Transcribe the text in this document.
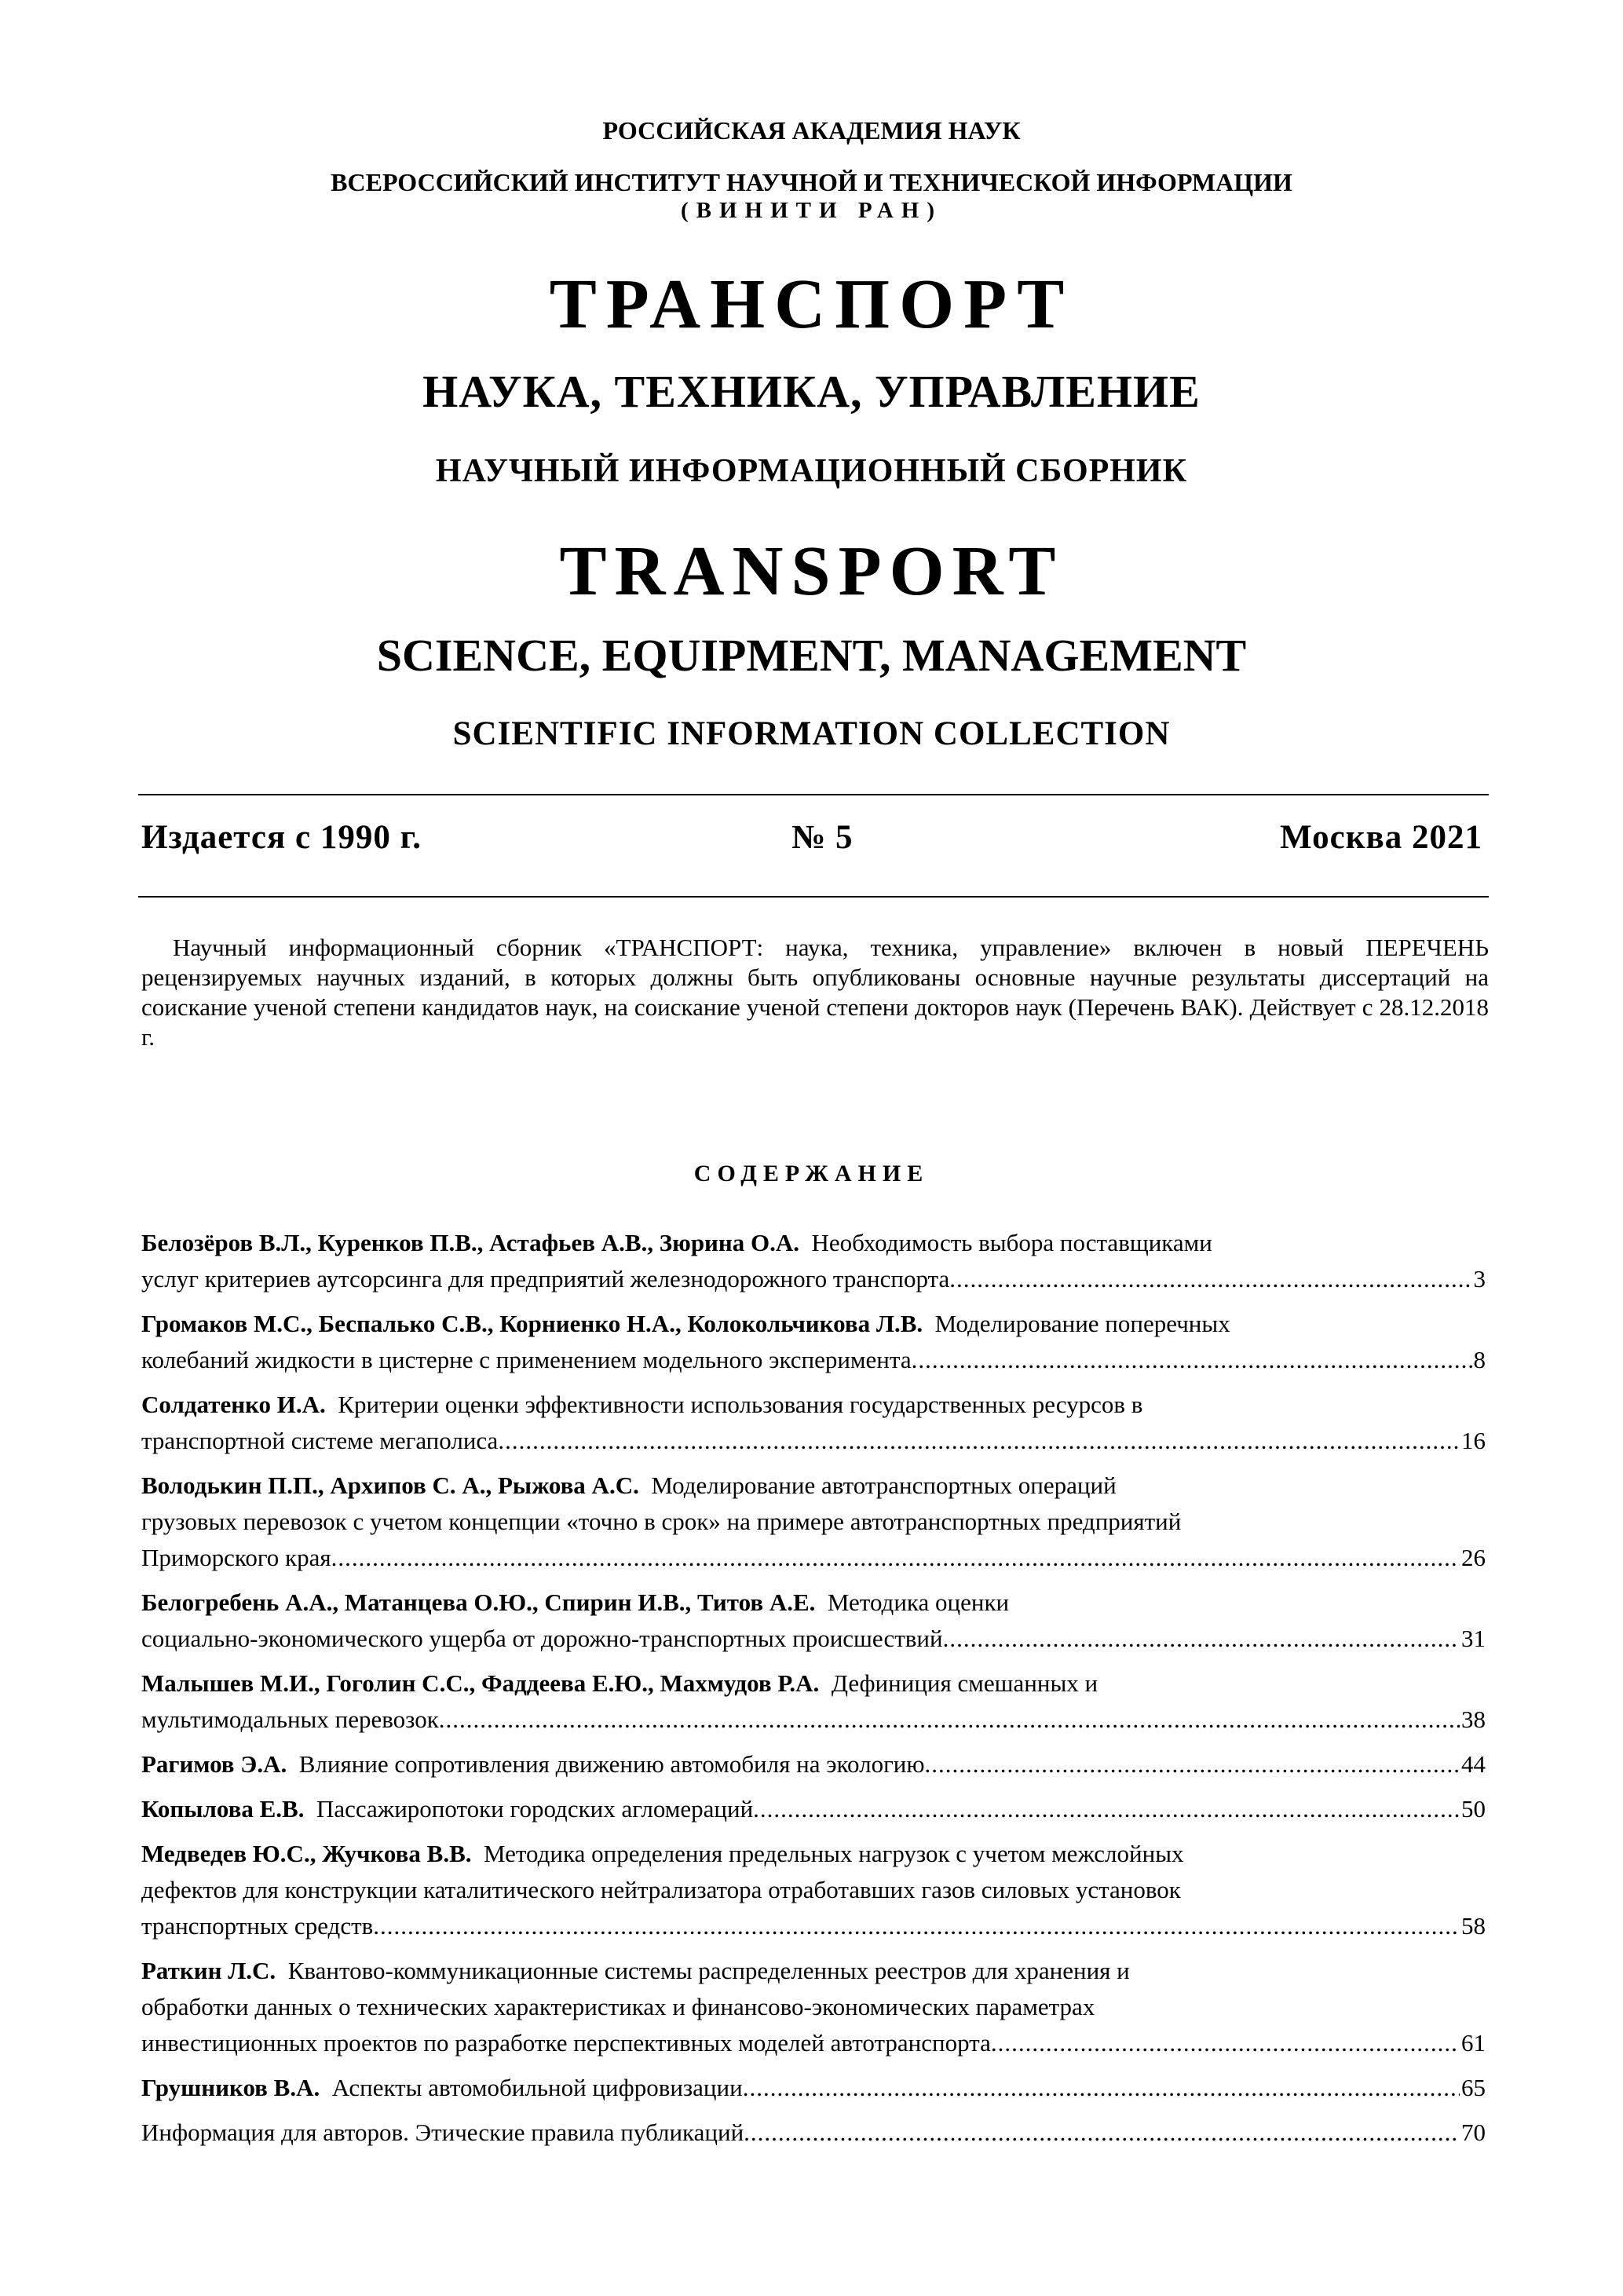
РОССИЙСКАЯ АКАДЕМИЯ НАУК
ВСЕРОССИЙСКИЙ ИНСТИТУТ НАУЧНОЙ И ТЕХНИЧЕСКОЙ ИНФОРМАЦИИ
(ВИНИТИ РАН)
ТРАНСПОРТ
НАУКА, ТЕХНИКА, УПРАВЛЕНИЕ
НАУЧНЫЙ ИНФОРМАЦИОННЫЙ СБОРНИК
TRANSPORT
SCIENCE, EQUIPMENT, MANAGEMENT
SCIENTIFIC INFORMATION COLLECTION
Издается с 1990 г.	№ 5	Москва 2021
Научный информационный сборник «ТРАНСПОРТ: наука, техника, управление» включен в новый ПЕРЕЧЕНЬ рецензируемых научных изданий, в которых должны быть опубликованы основные научные результаты диссертаций на соискание ученой степени кандидатов наук, на соискание ученой степени докторов наук (Перечень ВАК). Действует с 28.12.2018 г.
СОДЕРЖАНИЕ
Белозёров В.Л., Куренков П.В., Астафьев А.В., Зюрина О.А. Необходимость выбора поставщиками
услуг критериев аутсорсинга для предприятий железнодорожного транспорта .....	3
Громаков М.С., Беспалько С.В., Корниенко Н.А., Колокольчикова Л.В. Моделирование поперечных
колебаний жидкости в цистерне с применением модельного эксперимента .....	8
Солдатенко И.А. Критерии оценки эффективности использования государственных ресурсов в
транспортной системе мегаполиса .....	16
Володькин П.П., Архипов С. А., Рыжова А.С. Моделирование автотранспортных операций
грузовых перевозок с учетом концепции «точно в срок» на примере автотранспортных предприятий
Приморского края .....	26
Белогребень А.А., Матанцева О.Ю., Спирин И.В., Титов А.Е. Методика оценки
социально-экономического ущерба от дорожно-транспортных происшествий .....	31
Малышев М.И., Гоголин С.С., Фаддеева Е.Ю., Махмудов Р.А. Дефиниция смешанных и
мультимодальных перевозок .....	38
Рагимов Э.А. Влияние сопротивления движению автомобиля на экологию .....	44
Копылова Е.В. Пассажиропотоки городских агломераций .....	50
Медведев Ю.С., Жучкова В.В. Методика определения предельных нагрузок с учетом межслойных
дефектов для конструкции каталитического нейтрализатора отработавших газов силовых установок
транспортных средств .....	58
Раткин Л.С. Квантово-коммуникационные системы распределенных реестров для хранения и
обработки данных о технических характеристиках и финансово-экономических параметрах
инвестиционных проектов по разработке перспективных моделей автотранспорта .....	61
Грушников В.А. Аспекты автомобильной цифровизации .....	65
Информация для авторов. Этические правила публикаций .....	70
